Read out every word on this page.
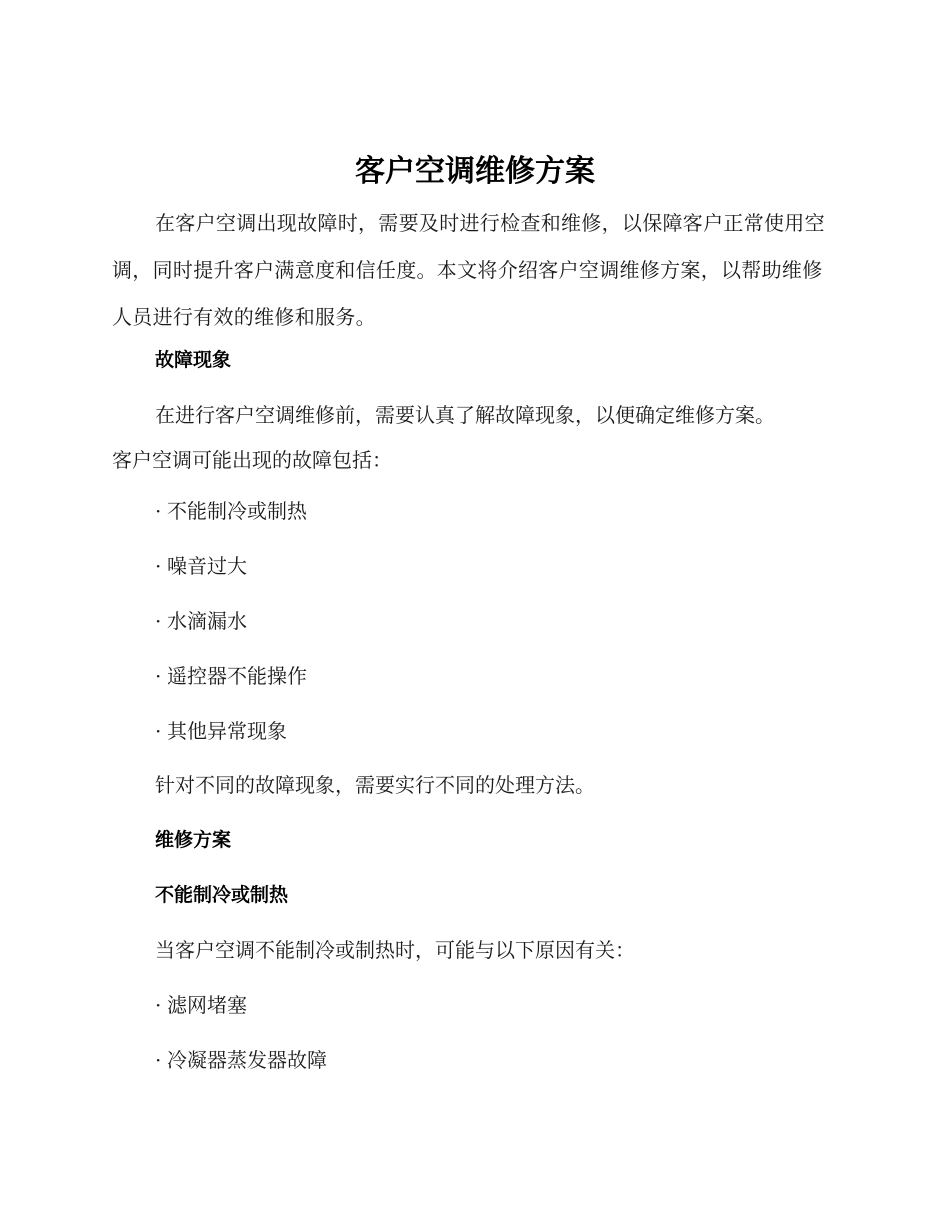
客户空调维修方案
在客户空调出现故障时，需要及时进行检查和维修，以保障客户正常使用空调，同时提升客户满意度和信任度。本文将介绍客户空调维修方案，以帮助维修人员进行有效的维修和服务。
故障现象
在进行客户空调维修前，需要认真了解故障现象，以便确定维修方案。
客户空调可能出现的故障包括：
· 不能制冷或制热
· 噪音过大
· 水滴漏水
· 遥控器不能操作
· 其他异常现象
针对不同的故障现象，需要实行不同的处理方法。
维修方案
不能制冷或制热
当客户空调不能制冷或制热时，可能与以下原因有关：
· 滤网堵塞
· 冷凝器蒸发器故障
